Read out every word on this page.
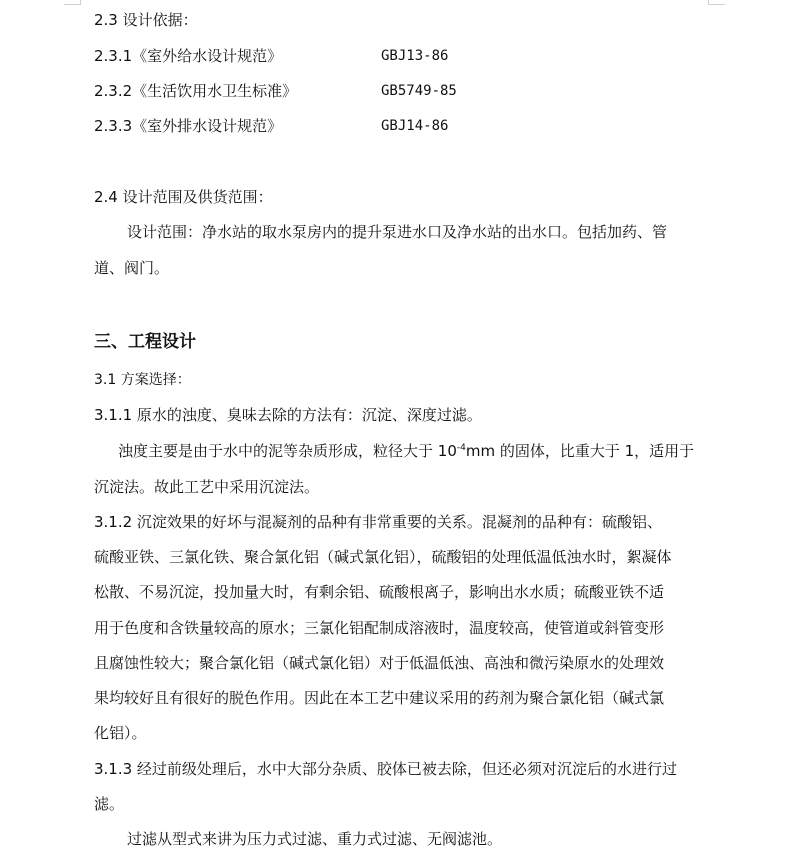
2.3 设计依据：
2.3.1《室外给水设计规范》	GBJ13-86
2.3.2《生活饮用水卫生标准》	GB5749-85
2.3.3《室外排水设计规范》	GBJ14-86
2.4 设计范围及供货范围：
设计范围：净水站的取水泵房内的提升泵进水口及净水站的出水口。包括加药、管
道、阀门。
三、工程设计
3.1 方案选择：
3.1.1 原水的浊度、臭味去除的方法有：沉淀、深度过滤。
浊度主要是由于水中的泥等杂质形成，粒径大于 $10^{-4}mm$ 的固体，比重大于 1，适用于
沉淀法。故此工艺中采用沉淀法。
3.1.2 沉淀效果的好坏与混凝剂的品种有非常重要的关系。混凝剂的品种有：硫酸铝、
硫酸亚铁、三氯化铁、聚合氯化铝（碱式氯化铝），硫酸铝的处理低温低浊水时，絮凝体
松散、不易沉淀，投加量大时，有剩余铝、硫酸根离子，影响出水水质；硫酸亚铁不适
用于色度和含铁量较高的原水；三氯化铝配制成溶液时，温度较高，使管道或斜管变形
且腐蚀性较大；聚合氯化铝（碱式氯化铝）对于低温低浊、高浊和微污染原水的处理效
果均较好且有很好的脱色作用。因此在本工艺中建议采用的药剂为聚合氯化铝（碱式氯
化铝）。
3.1.3 经过前级处理后，水中大部分杂质、胶体已被去除，但还必须对沉淀后的水进行过
滤。
过滤从型式来讲为压力式过滤、重力式过滤、无阀滤池。
